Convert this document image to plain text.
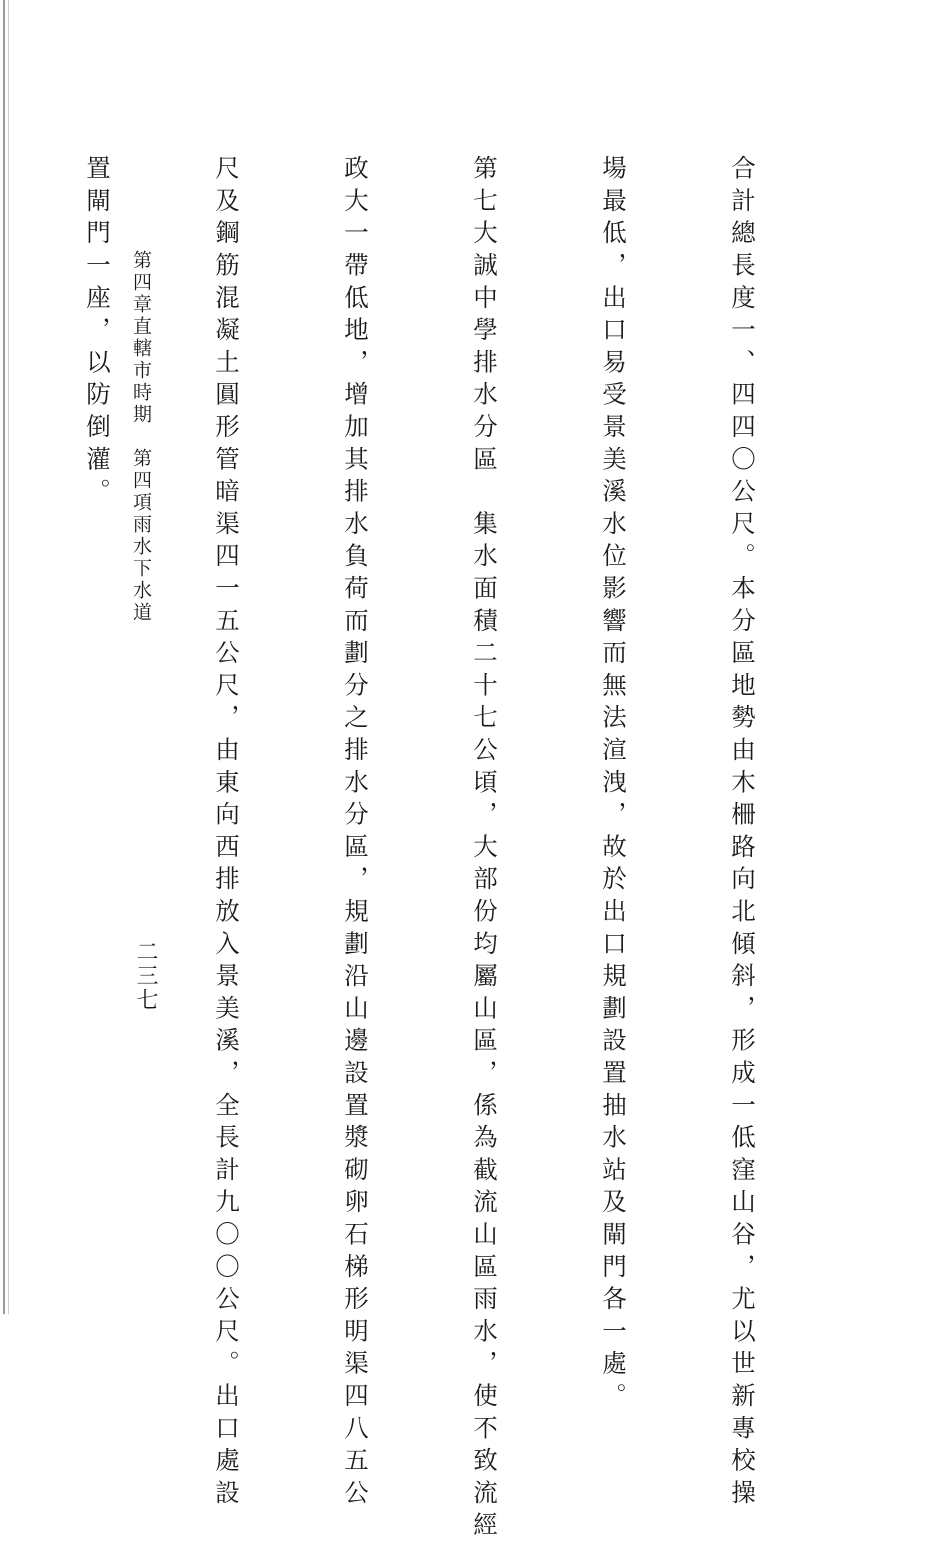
合計總長度一、四四〇公尺。本分區地勢由木柵路向北傾斜，形成一低窪山谷，尤以世新專校操

場最低，出口易受景美溪水位影響而無法渲洩，故於出口規劃設置抽水站及閘門各一處。

第七大誠中學排水分區　集水面積二十七公頃，大部份均屬山區，係為截流山區雨水，使不致流經

政大一帶低地，增加其排水負荷而劃分之排水分區，規劃沿山邊設置漿砌卵石梯形明渠四八五公

尺及鋼筋混凝土圓形管暗渠四一五公尺，由東向西排放入景美溪，全長計九〇〇公尺。出口處設

置閘門一座，以防倒灌。

第四章直轄市時期　第四項雨水下水道
二三七
